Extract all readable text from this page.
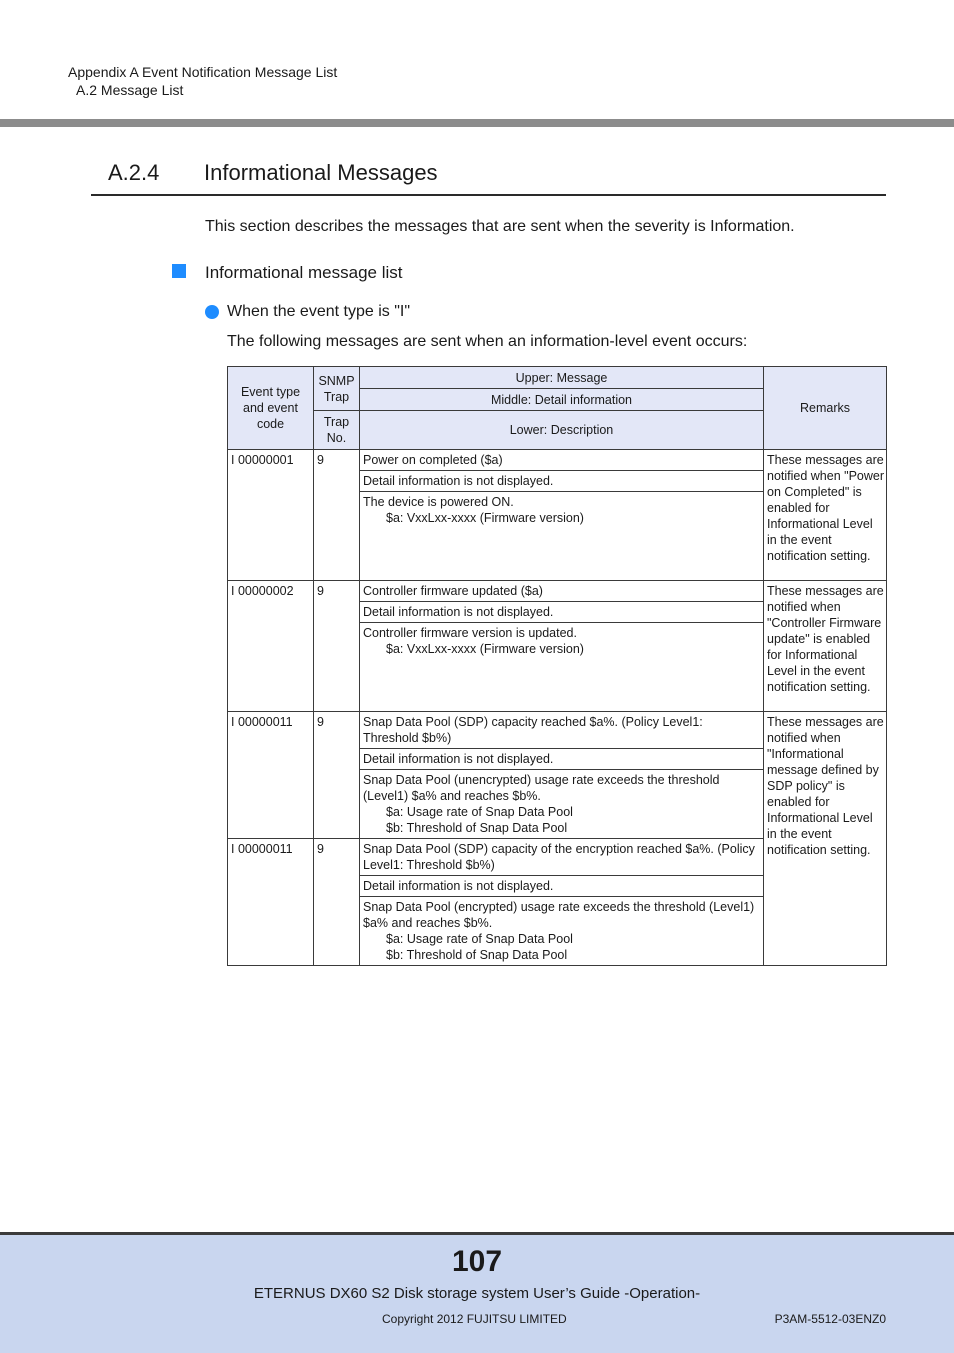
Appendix A Event Notification Message List
A.2 Message List
A.2.4 Informational Messages
This section describes the messages that are sent when the severity is Information.
Informational message list
When the event type is "I"
The following messages are sent when an information-level event occurs:
Event type and event code	SNMP Trap	Upper: Message	Remarks
		Middle: Detail information	
	Trap No.	Lower: Description	
I 00000001	9	Power on completed ($a)	These messages are notified when "Power on Completed" is enabled for Informational Level in the event notification setting.
		Detail information is not displayed.	

		The device is powered ON.
$a: VxxLxx-xxxx (Firmware version)	

I 00000002	9	Controller firmware updated ($a)	These messages are notified when "Controller Firmware update" is enabled for Informational Level in the event notification setting.
		Detail information is not displayed.	

		Controller firmware version is updated.
$a: VxxLxx-xxxx (Firmware version)	

I 00000011	9	Snap Data Pool (SDP) capacity reached $a%. (Policy Level1: Threshold $b%)	These messages are notified when "Informational message defined by SDP policy" is enabled for Informational Level in the event notification setting.
		Detail information is not displayed.	

		Snap Data Pool (unencrypted) usage rate exceeds the threshold (Level1) $a% and reaches $b%.
$a: Usage rate of Snap Data Pool
$b: Threshold of Snap Data Pool	

I 00000011	9	Snap Data Pool (SDP) capacity of the encryption reached $a%. (Policy Level1: Threshold $b%)	
		Detail information is not displayed.	

		Snap Data Pool (encrypted) usage rate exceeds the threshold (Level1) $a% and reaches $b%.
$a: Usage rate of Snap Data Pool
$b: Threshold of Snap Data Pool	
107
ETERNUS DX60 S2 Disk storage system User’s Guide -Operation-
Copyright 2012 FUJITSU LIMITED	P3AM-5512-03ENZ0
